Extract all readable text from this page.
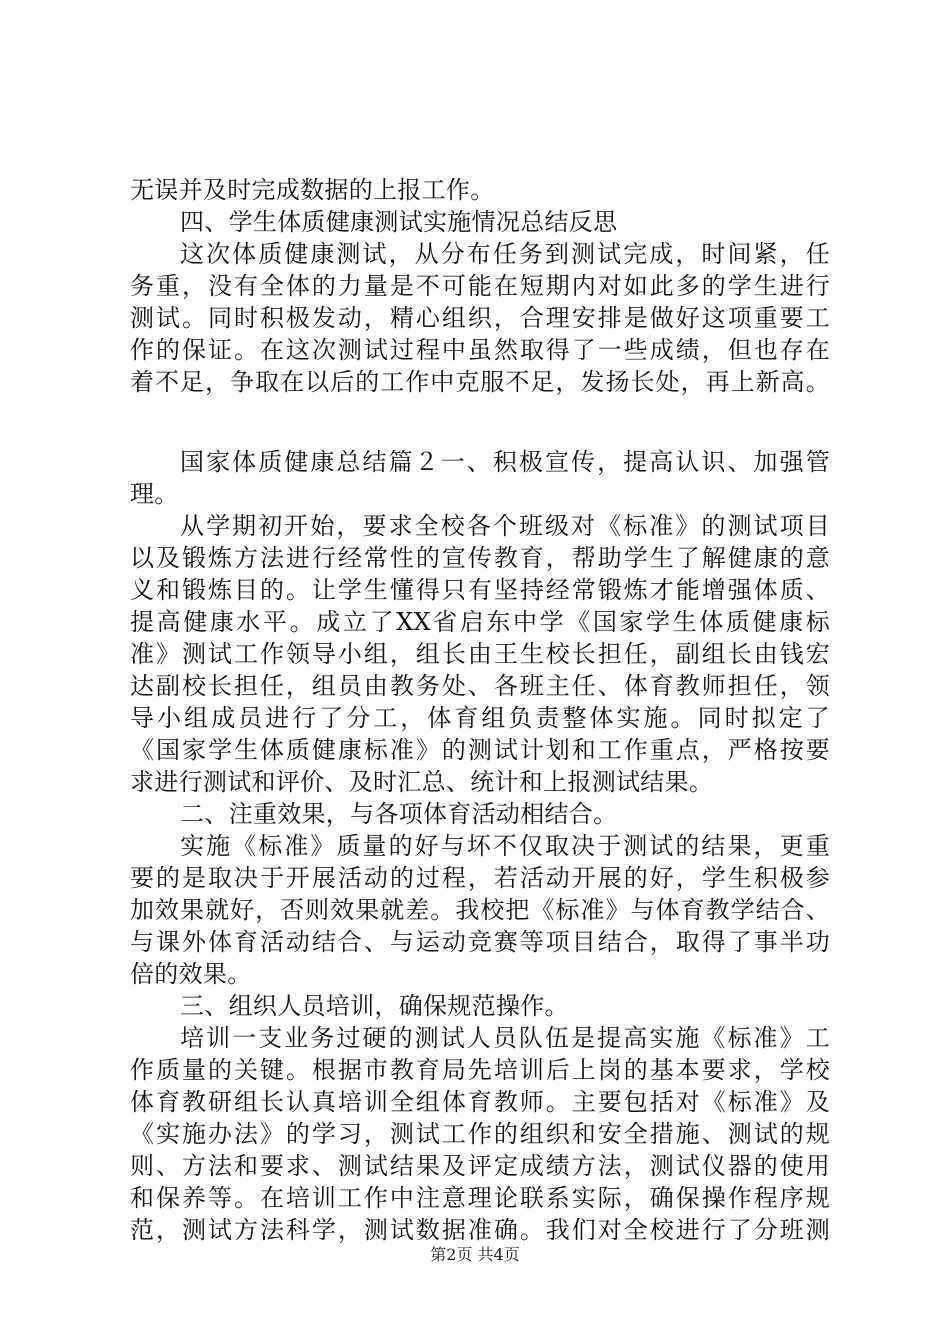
无误并及时完成数据的上报工作。
四、学生体质健康测试实施情况总结反思
这次体质健康测试，从分布任务到测试完成，时间紧，任
务重，没有全体的力量是不可能在短期内对如此多的学生进行
测试。同时积极发动，精心组织，合理安排是做好这项重要工
作的保证。在这次测试过程中虽然取得了一些成绩，但也存在
着不足，争取在以后的工作中克服不足，发扬长处，再上新高。
国家体质健康总结篇２一、积极宣传，提高认识、加强管
理。
从学期初开始，要求全校各个班级对《标准》的测试项目
以及锻炼方法进行经常性的宣传教育，帮助学生了解健康的意
义和锻炼目的。让学生懂得只有坚持经常锻炼才能增强体质、
提高健康水平。成立了XX省启东中学《国家学生体质健康标
准》测试工作领导小组，组长由王生校长担任，副组长由钱宏
达副校长担任，组员由教务处、各班主任、体育教师担任，领
导小组成员进行了分工，体育组负责整体实施。同时拟定了
《国家学生体质健康标准》的测试计划和工作重点，严格按要
求进行测试和评价、及时汇总、统计和上报测试结果。
二、注重效果，与各项体育活动相结合。
实施《标准》质量的好与坏不仅取决于测试的结果，更重
要的是取决于开展活动的过程，若活动开展的好，学生积极参
加效果就好，否则效果就差。我校把《标准》与体育教学结合、
与课外体育活动结合、与运动竞赛等项目结合，取得了事半功
倍的效果。
三、组织人员培训，确保规范操作。
培训一支业务过硬的测试人员队伍是提高实施《标准》工
作质量的关键。根据市教育局先培训后上岗的基本要求，学校
体育教研组长认真培训全组体育教师。主要包括对《标准》及
《实施办法》的学习，测试工作的组织和安全措施、测试的规
则、方法和要求、测试结果及评定成绩方法，测试仪器的使用
和保养等。在培训工作中注意理论联系实际，确保操作程序规
范，测试方法科学，测试数据准确。我们对全校进行了分班测
第2页 共4页
